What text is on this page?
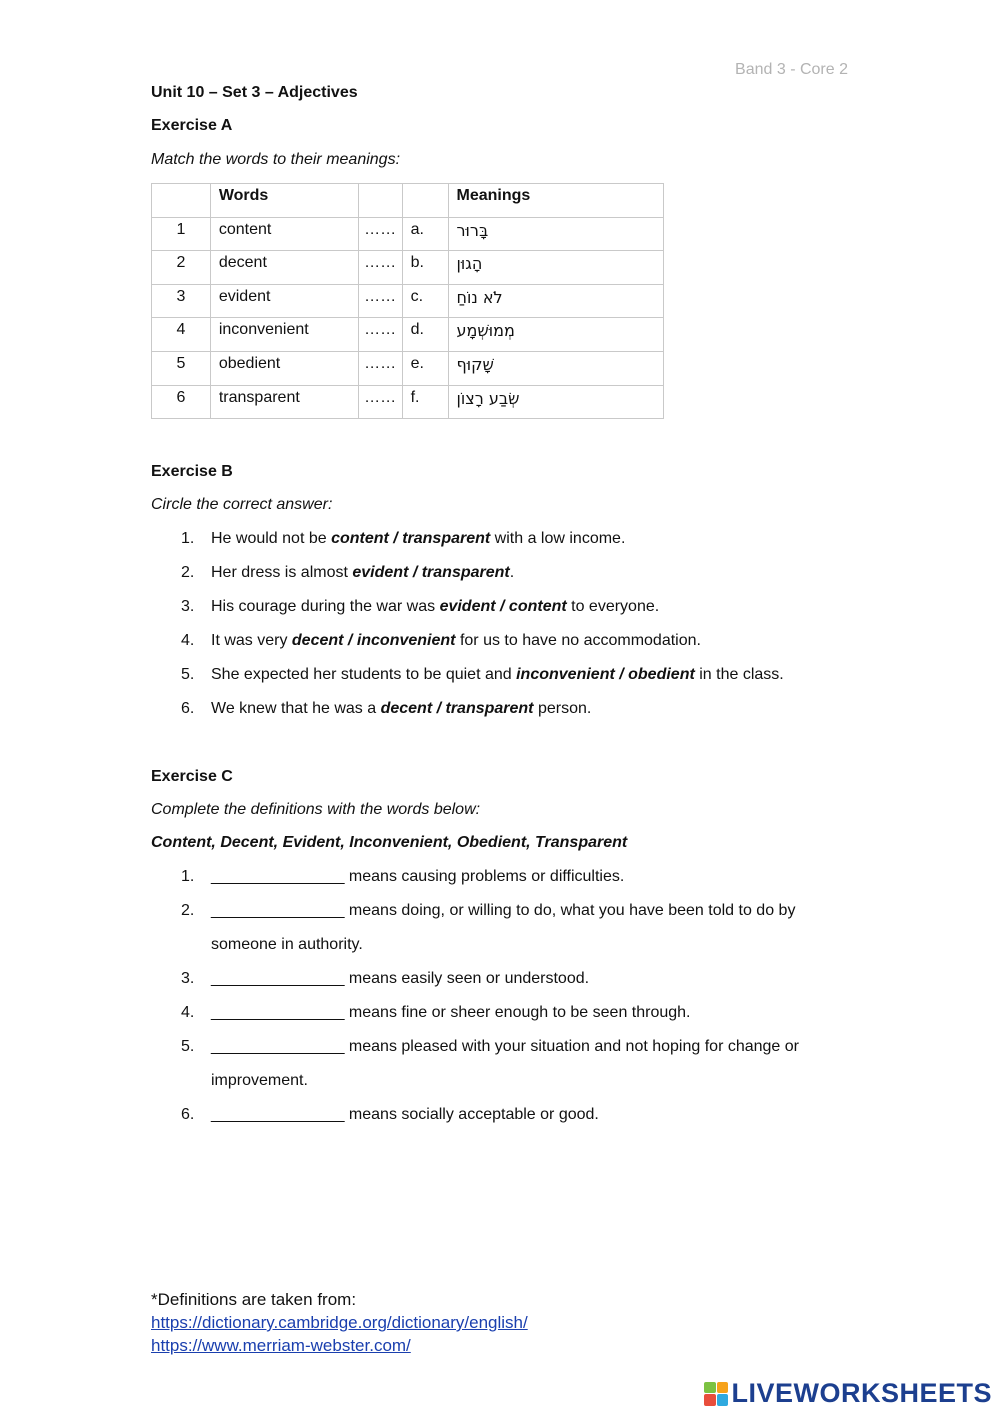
Band 3 - Core 2
Unit 10 – Set 3 – Adjectives
Exercise A
Match the words to their meanings:
	Words			Meanings
1	content	……	a.	בָּרוּר
2	decent	……	b.	הָגוּן
3	evident	……	c.	לֹא נוֹחַ
4	inconvenient	……	d.	מְמוּשְׁמָע
5	obedient	……	e.	שָׁקוּף
6	transparent	……	f.	שְׂבַע רָצוֹן
Exercise B
Circle the correct answer:
1. He would not be content / transparent with a low income.
2. Her dress is almost evident / transparent.
3. His courage during the war was evident / content to everyone.
4. It was very decent / inconvenient for us to have no accommodation.
5. She expected her students to be quiet and inconvenient / obedient in the class.
6. We knew that he was a decent / transparent person.
Exercise C
Complete the definitions with the words below:
Content, Decent, Evident, Inconvenient, Obedient, Transparent
1. _______________ means causing problems or difficulties.
2. _______________ means doing, or willing to do, what you have been told to do by
someone in authority.
3. _______________ means easily seen or understood.
4. _______________ means fine or sheer enough to be seen through.
5. _______________ means pleased with your situation and not hoping for change or
improvement.
6. _______________ means socially acceptable or good.
*Definitions are taken from:
https://dictionary.cambridge.org/dictionary/english/
https://www.merriam-webster.com/
LIVEWORKSHEETS
